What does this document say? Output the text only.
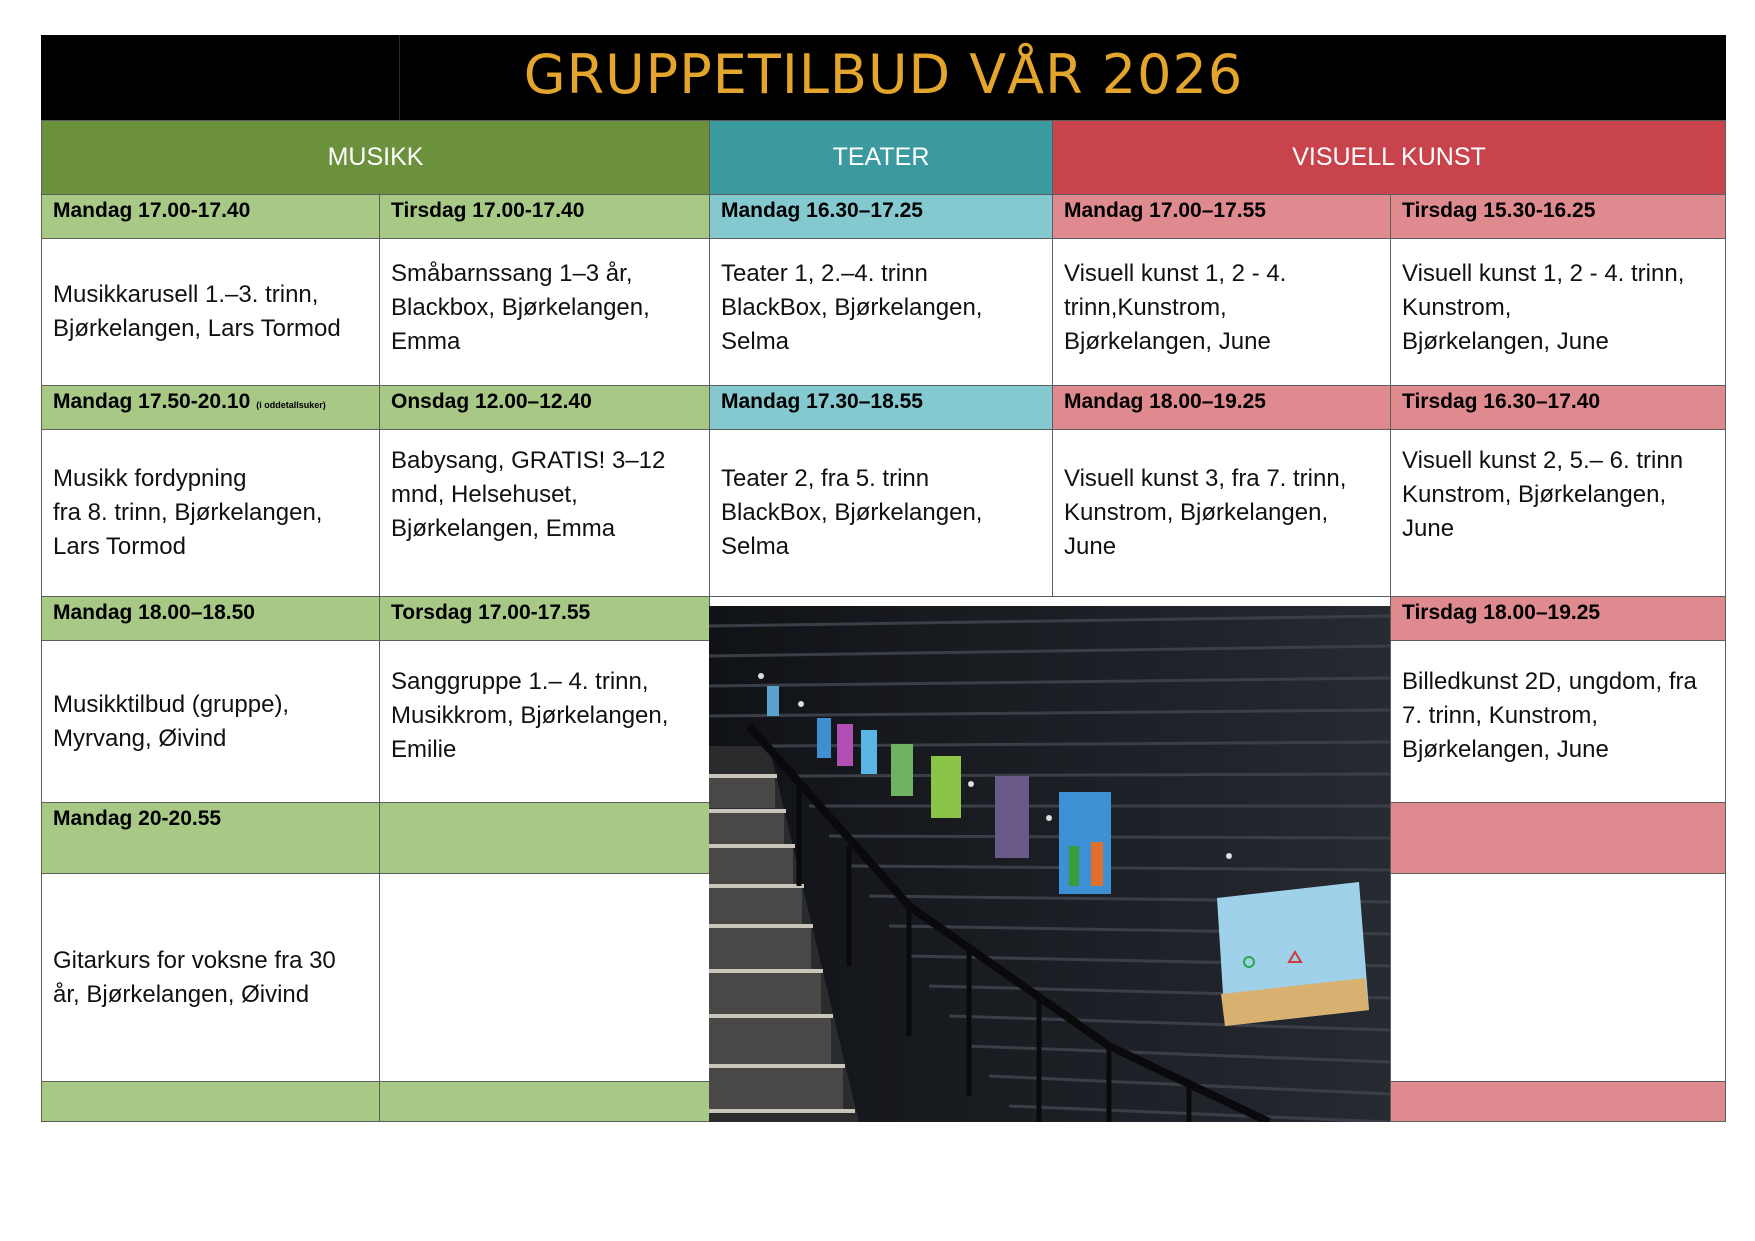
GRUPPETILBUD VÅR 2026
MUSIKK	TEATER	VISUELL KUNST
Mandag 17.00-17.40
Musikkarusell 1.–3. trinn,
Bjørkelangen, Lars Tormod
Mandag 17.50-20.10 (i oddetallsuker)
Musikk fordypning
fra 8. trinn, Bjørkelangen,
Lars Tormod
Mandag 18.00–18.50
Musikktilbud (gruppe),
Myrvang, Øivind
Mandag 20-20.55
Gitarkurs for voksne fra 30
år, Bjørkelangen, Øivind
Tirsdag 17.00-17.40
Småbarnssang 1–3 år,
Blackbox, Bjørkelangen,
Emma
Onsdag 12.00–12.40
Babysang, GRATIS! 3–12
mnd, Helsehuset,
Bjørkelangen, Emma
Torsdag 17.00-17.55
Sanggruppe 1.– 4. trinn,
Musikkrom, Bjørkelangen,
Emilie
Mandag 16.30–17.25
Teater 1, 2.–4. trinn
BlackBox, Bjørkelangen,
Selma
Mandag 17.30–18.55
Teater 2, fra 5. trinn
BlackBox, Bjørkelangen,
Selma
Mandag 17.00–17.55
Visuell kunst 1, 2 - 4.
trinn,Kunstrom,
Bjørkelangen, June
Mandag 18.00–19.25
Visuell kunst 3, fra 7. trinn,
Kunstrom, Bjørkelangen,
June
Tirsdag 15.30-16.25
Visuell kunst 1, 2 - 4. trinn,
Kunstrom,
Bjørkelangen, June
Tirsdag 16.30–17.40
Visuell kunst 2, 5.– 6. trinn
Kunstrom, Bjørkelangen,
June
Tirsdag 18.00–19.25
Billedkunst 2D, ungdom, fra
7. trinn, Kunstrom,
Bjørkelangen, June
